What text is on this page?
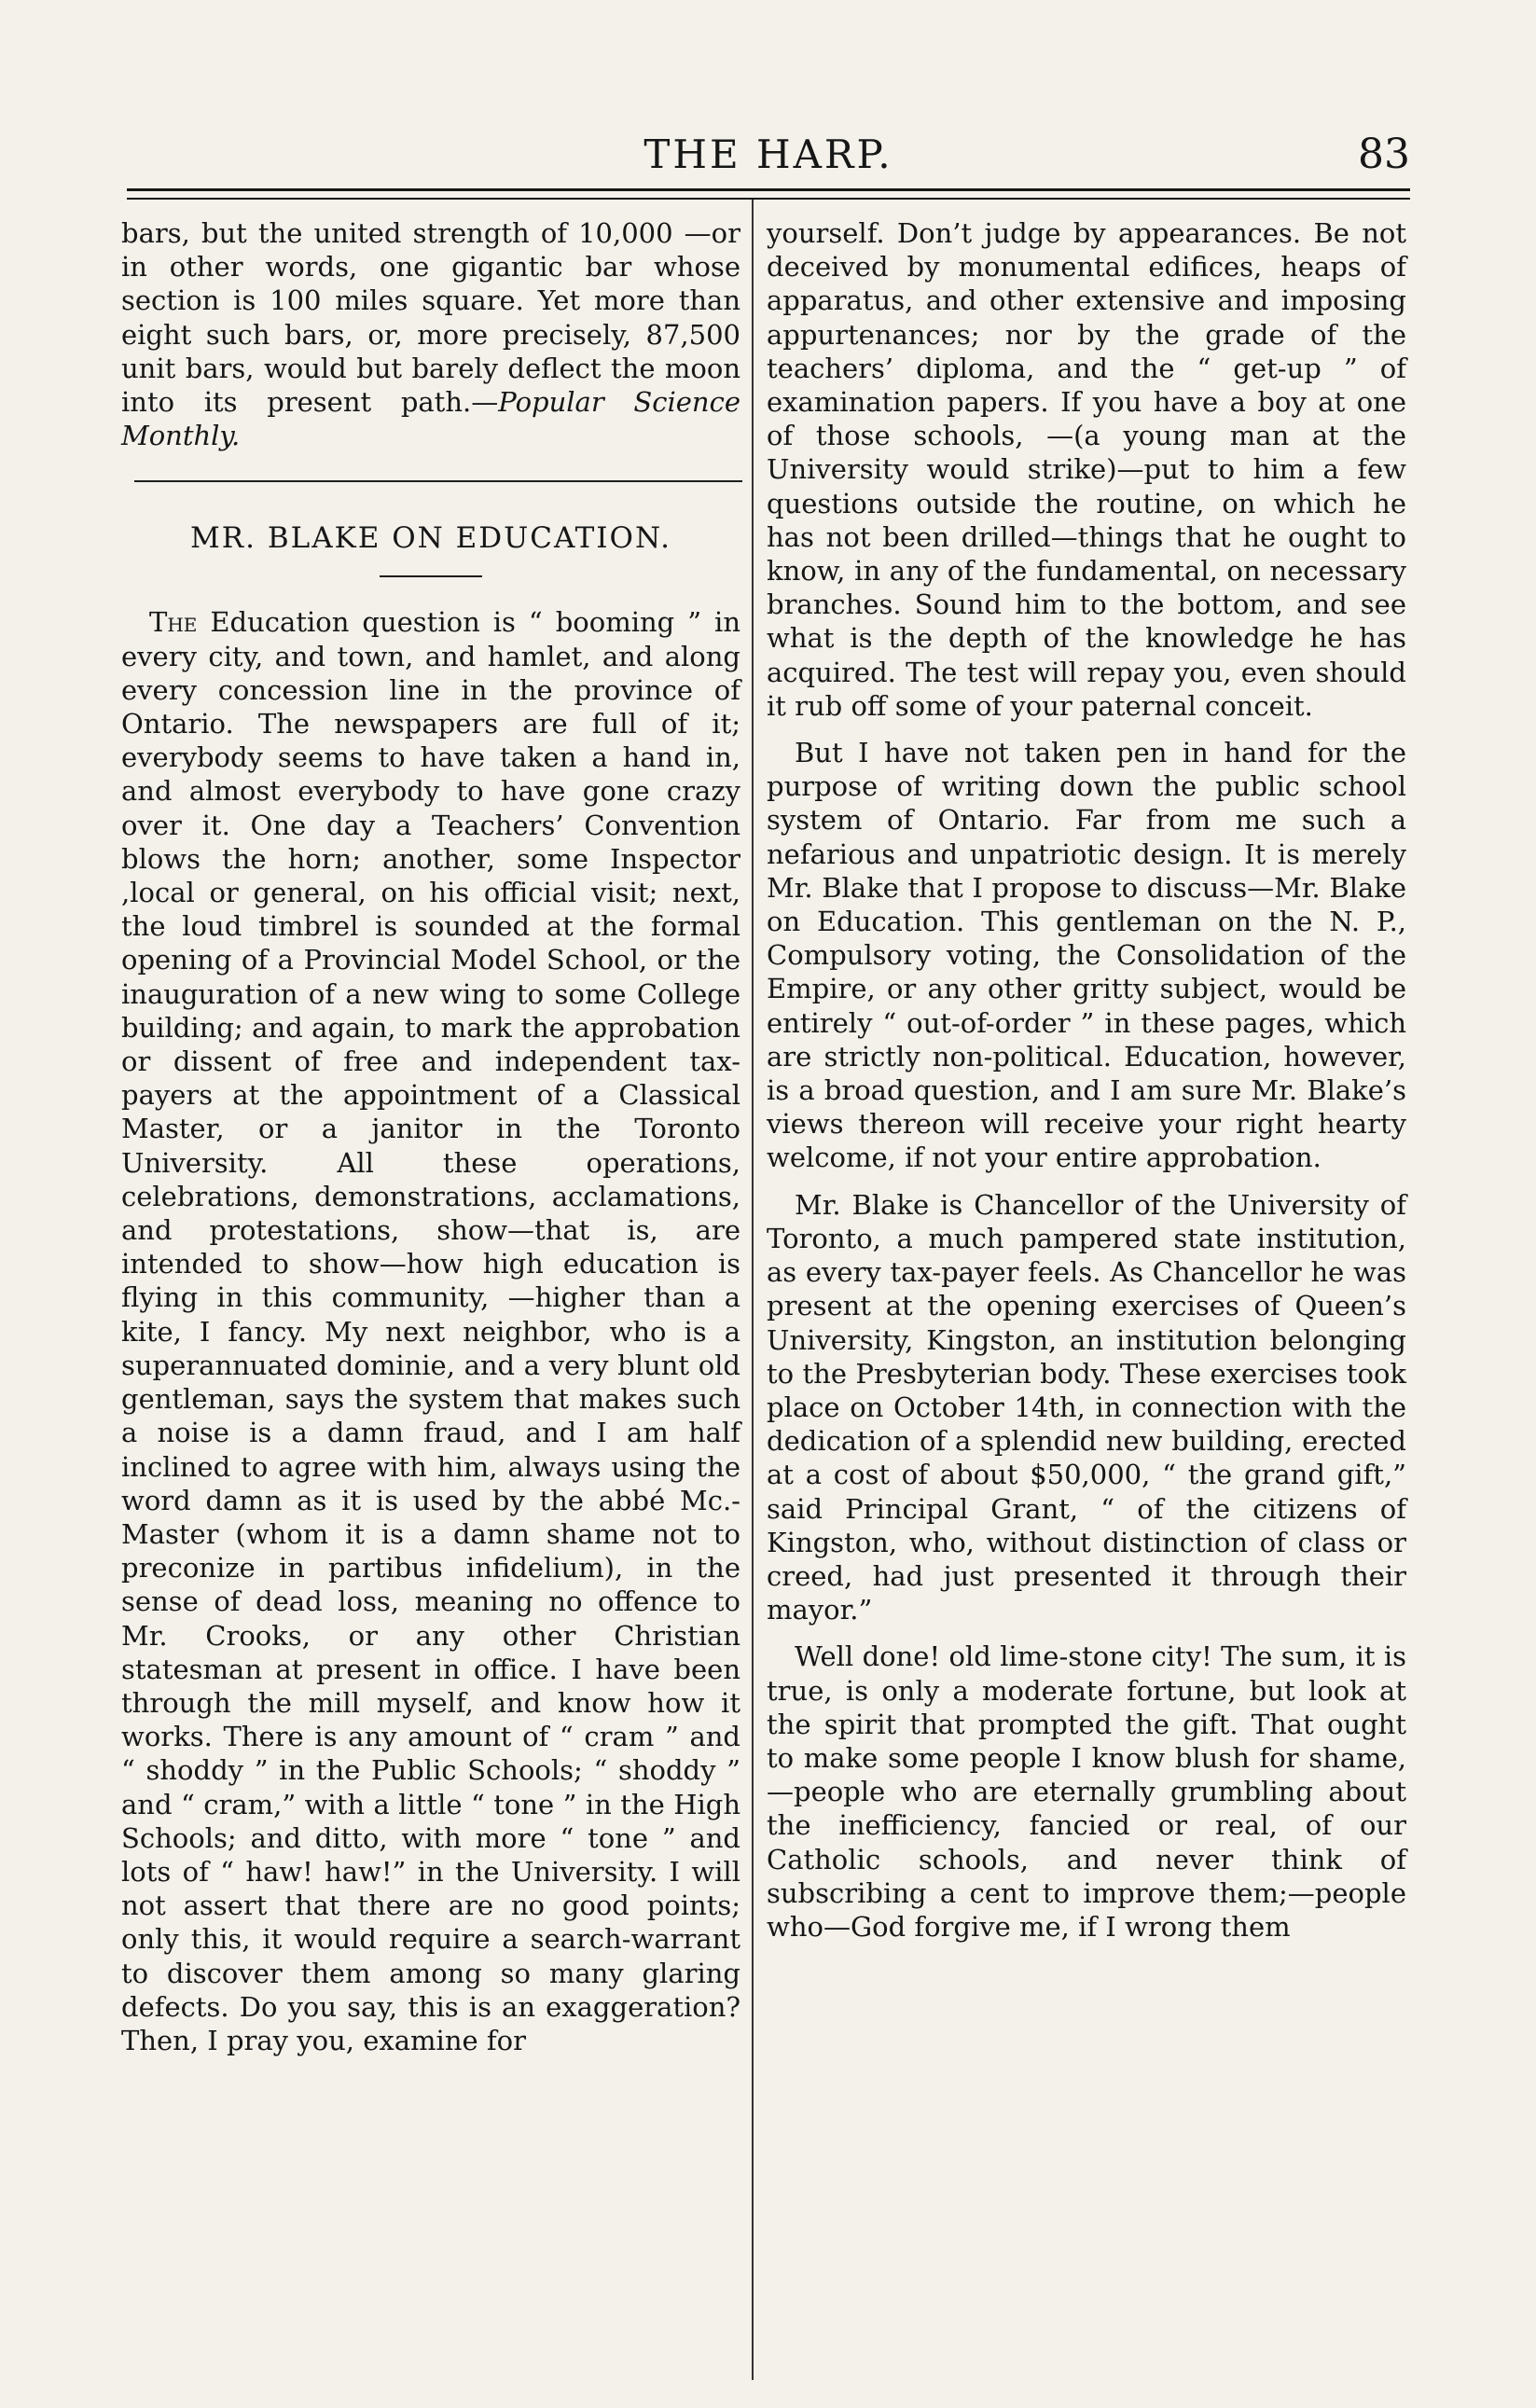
THE HARP.	83

bars, but the united strength of 10,000 —or in other words, one gigantic bar whose section is 100 miles square. Yet more than eight such bars, or, more precisely, 87,500 unit bars, would but barely deflect the moon into its present path.—Popular Science Monthly.

MR. BLAKE ON EDUCATION.

The Education question is “ booming ” in every city, and town, and hamlet, and along every concession line in the province of Ontario. The newspapers are full of it; everybody seems to have taken a hand in, and almost everybody to have gone crazy over it. One day a Teachers’ Convention blows the horn; another, some Inspector ,local or general, on his official visit; next, the loud timbrel is sounded at the formal opening of a Provincial Model School, or the inauguration of a new wing to some College building; and again, to mark the approbation or dissent of free and independent tax-payers at the appointment of a Classical Master, or a janitor in the Toronto University. All these operations, celebrations, demonstrations, acclamations, and protestations, show—that is, are intended to show—how high education is flying in this community, —higher than a kite, I fancy. My next neighbor, who is a superannuated dominie, and a very blunt old gentleman, says the system that makes such a noise is a damn fraud, and I am half inclined to agree with him, always using the word damn as it is used by the abbé Mc.-Master (whom it is a damn shame not to preconize in partibus infidelium), in the sense of dead loss, meaning no offence to Mr. Crooks, or any other Christian statesman at present in office. I have been through the mill myself, and know how it works. There is any amount of “ cram ” and “ shoddy ” in the Public Schools; “ shoddy ” and “ cram,” with a little “ tone ” in the High Schools; and ditto, with more “ tone ” and lots of “ haw! haw!” in the University. I will not assert that there are no good points; only this, it would require a search-warrant to discover them among so many glaring defects. Do you say, this is an exaggeration? Then, I pray you, examine for

yourself. Don’t judge by appearances. Be not deceived by monumental edifices, heaps of apparatus, and other extensive and imposing appurtenances; nor by the grade of the teachers’ diploma, and the “ get-up ” of examination papers. If you have a boy at one of those schools, —(a young man at the University would strike)—put to him a few questions outside the routine, on which he has not been drilled—things that he ought to know, in any of the fundamental, on necessary branches. Sound him to the bottom, and see what is the depth of the knowledge he has acquired. The test will repay you, even should it rub off some of your paternal conceit.

But I have not taken pen in hand for the purpose of writing down the public school system of Ontario. Far from me such a nefarious and unpatriotic design. It is merely Mr. Blake that I propose to discuss—Mr. Blake on Education. This gentleman on the N. P., Compulsory voting, the Consolidation of the Empire, or any other gritty subject, would be entirely “ out-of-order ” in these pages, which are strictly non-political. Education, however, is a broad question, and I am sure Mr. Blake’s views thereon will receive your right hearty welcome, if not your entire approbation.

Mr. Blake is Chancellor of the University of Toronto, a much pampered state institution, as every tax-payer feels. As Chancellor he was present at the opening exercises of Queen’s University, Kingston, an institution belonging to the Presbyterian body. These exercises took place on October 14th, in connection with the dedication of a splendid new building, erected at a cost of about $50,000, “ the grand gift,” said Principal Grant, “ of the citizens of Kingston, who, without distinction of class or creed, had just presented it through their mayor.”

Well done! old lime-stone city! The sum, it is true, is only a moderate fortune, but look at the spirit that prompted the gift. That ought to make some people I know blush for shame,—people who are eternally grumbling about the inefficiency, fancied or real, of our Catholic schools, and never think of subscribing a cent to improve them;—people who—God forgive me, if I wrong them
